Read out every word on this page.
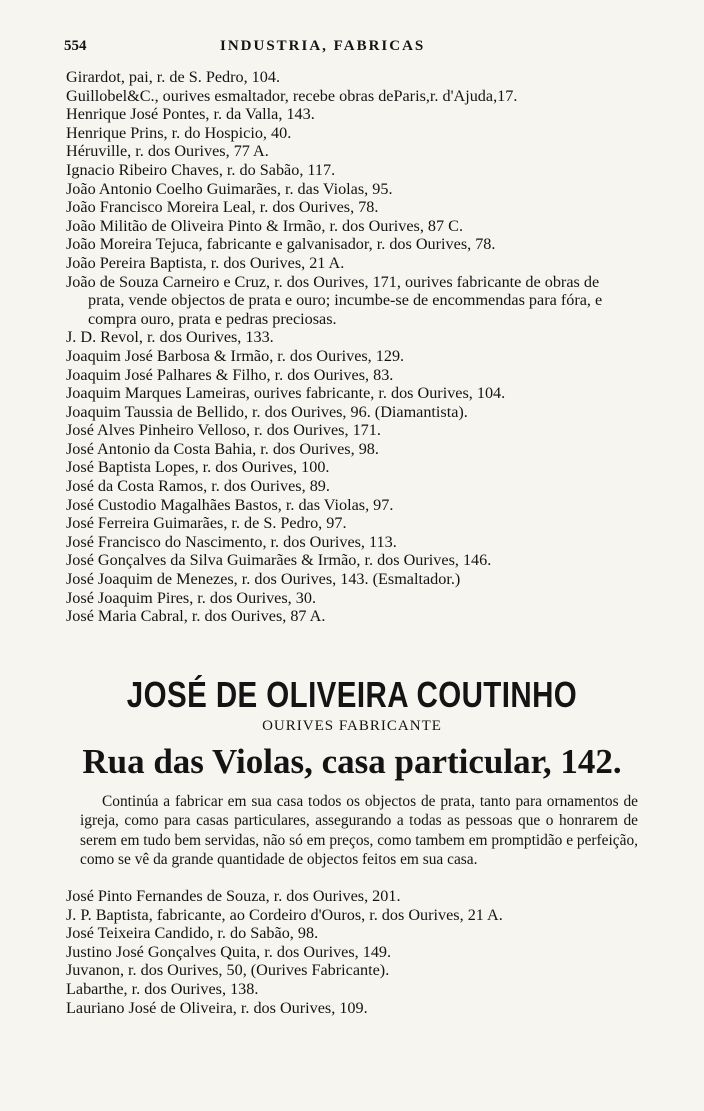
554	INDUSTRIA, FABRICAS
Girardot, pai, r. de S. Pedro, 104.
Guillobel&C., ourives esmaltador, recebe obras deParis,r. d'Ajuda,17.
Henrique José Pontes, r. da Valla, 143.
Henrique Prins, r. do Hospicio, 40.
Héruville, r. dos Ourives, 77 A.
Ignacio Ribeiro Chaves, r. do Sabão, 117.
João Antonio Coelho Guimarães, r. das Violas, 95.
João Francisco Moreira Leal, r. dos Ourives, 78.
João Militão de Oliveira Pinto & Irmão, r. dos Ourives, 87 C.
João Moreira Tejuca, fabricante e galvanisador, r. dos Ourives, 78.
João Pereira Baptista, r. dos Ourives, 21 A.
João de Souza Carneiro e Cruz, r. dos Ourives, 171, ourives fabricante de obras de prata, vende objectos de prata e ouro; incumbe-se de encommendas para fóra, e compra ouro, prata e pedras preciosas.
J. D. Revol, r. dos Ourives, 133.
Joaquim José Barbosa & Irmão, r. dos Ourives, 129.
Joaquim José Palhares & Filho, r. dos Ourives, 83.
Joaquim Marques Lameiras, ourives fabricante, r. dos Ourives, 104.
Joaquim Taussia de Bellido, r. dos Ourives, 96. (Diamantista).
José Alves Pinheiro Velloso, r. dos Ourives, 171.
José Antonio da Costa Bahia, r. dos Ourives, 98.
José Baptista Lopes, r. dos Ourives, 100.
José da Costa Ramos, r. dos Ourives, 89.
José Custodio Magalhães Bastos, r. das Violas, 97.
José Ferreira Guimarães, r. de S. Pedro, 97.
José Francisco do Nascimento, r. dos Ourives, 113.
José Gonçalves da Silva Guimarães & Irmão, r. dos Ourives, 146.
José Joaquim de Menezes, r. dos Ourives, 143. (Esmaltador.)
José Joaquim Pires, r. dos Ourives, 30.
José Maria Cabral, r. dos Ourives, 87 A.
JOSÉ DE OLIVEIRA COUTINHO
OURIVES FABRICANTE
Rua das Violas, casa particular, 142.
Continúa a fabricar em sua casa todos os objectos de prata, tanto para ornamentos de igreja, como para casas particulares, assegurando a todas as pessoas que o honrarem de serem em tudo bem servidas, não só em preços, como tambem em promptidão e perfeição, como se vê da grande quantidade de objectos feitos em sua casa.
José Pinto Fernandes de Souza, r. dos Ourives, 201.
J. P. Baptista, fabricante, ao Cordeiro d'Ouros, r. dos Ourives, 21 A.
José Teixeira Candido, r. do Sabão, 98.
Justino José Gonçalves Quita, r. dos Ourives, 149.
Juvanon, r. dos Ourives, 50, (Ourives Fabricante).
Labarthe, r. dos Ourives, 138.
Lauriano José de Oliveira, r. dos Ourives, 109.
